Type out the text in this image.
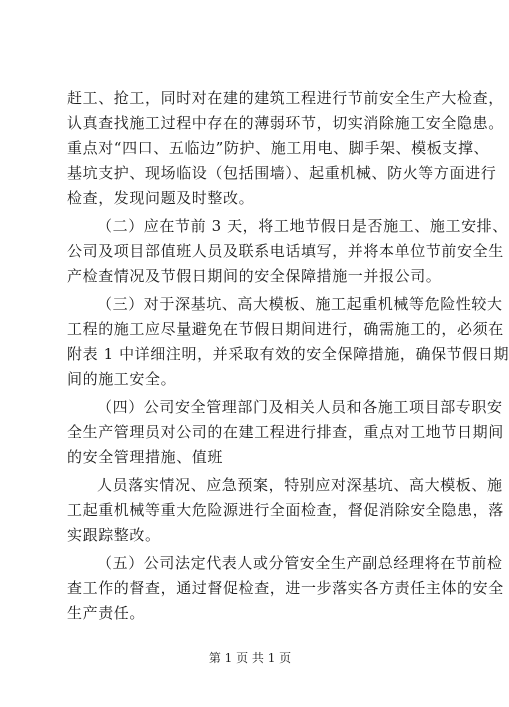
赶工、抢工，同时对在建的建筑工程进行节前安全生产大检查，
认真查找施工过程中存在的薄弱环节，切实消除施工安全隐患。
重点对“四口、五临边”防护、施工用电、脚手架、模板支撑、
基坑支护、现场临设（包括围墙）、起重机械、防火等方面进行
检查，发现问题及时整改。
（二）应在节前 3 天，将工地节假日是否施工、施工安排、
公司及项目部值班人员及联系电话填写，并将本单位节前安全生
产检查情况及节假日期间的安全保障措施一并报公司。
（三）对于深基坑、高大模板、施工起重机械等危险性较大
工程的施工应尽量避免在节假日期间进行，确需施工的，必须在
附表 1 中详细注明，并采取有效的安全保障措施，确保节假日期
间的施工安全。
（四）公司安全管理部门及相关人员和各施工项目部专职安
全生产管理员对公司的在建工程进行排查，重点对工地节日期间
的安全管理措施、值班
人员落实情况、应急预案，特别应对深基坑、高大模板、施
工起重机械等重大危险源进行全面检查，督促消除安全隐患，落
实跟踪整改。
（五）公司法定代表人或分管安全生产副总经理将在节前检
查工作的督查，通过督促检查，进一步落实各方责任主体的安全
生产责任。
第 1 页 共 1 页
